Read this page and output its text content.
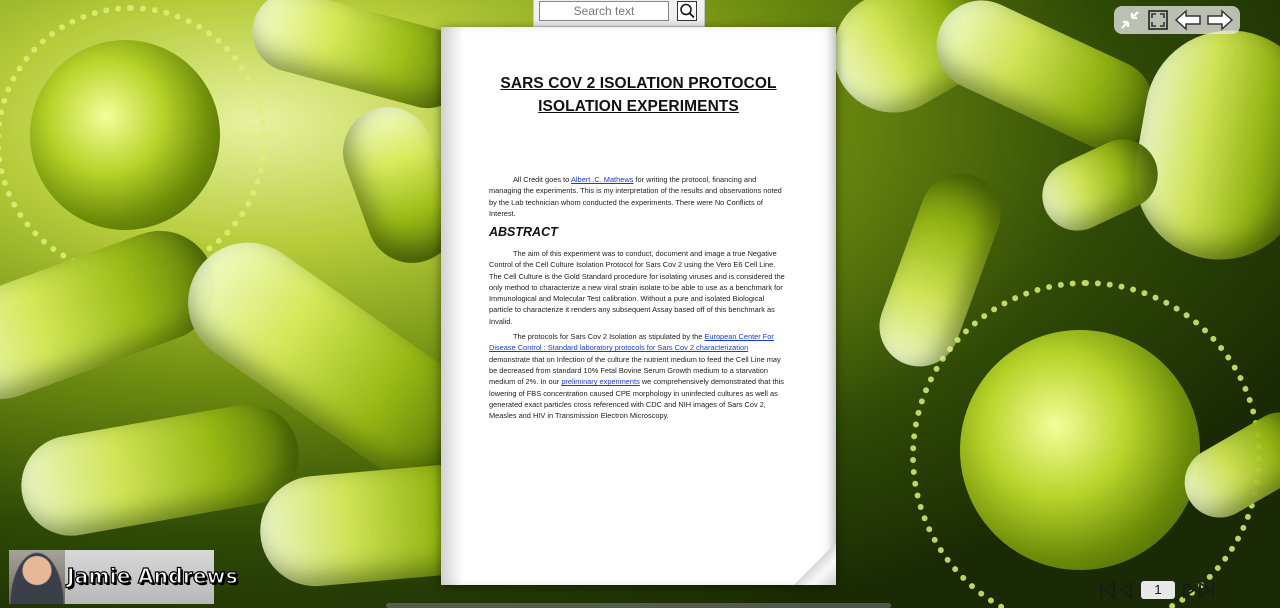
Search text
SARS COV 2 ISOLATION PROTOCOL
ISOLATION EXPERIMENTS

All Credit goes to Albert .C. Mathews for writing the protocol, financing and managing the experiments. This is my interpretation of the results and observations noted by the Lab technician whom conducted the experiments. There were No Conflicts of Interest.

ABSTRACT

The aim of this experiment was to conduct, document and image a true Negative Control of the Cell Culture Isolation Protocol for Sars Cov 2 using the Vero E6 Cell Line. The Cell Culture is the Gold Standard procedure for isolating viruses and is considered the only method to characterize a new viral strain isolate to be able to use as a benchmark for Immunological and Molecular Test calibration. Without a pure and isolated Biological particle to characterize it renders any subsequent Assay based off of this benchmark as Invalid.

The protocols for Sars Cov 2 Isolation as stipulated by the European Center For Disease Control : Standard laboratory protocols for Sars Cov 2 characterization demonstrate that on Infection of the culture the nutrient medium to feed the Cell Line may be decreased from standard 10% Fetal Bovine Serum Growth medium to a starvation medium of 2%. In our preliminary experiments we comprehensively demonstrated that this lowering of FBS concentration caused CPE morphology in uninfected cultures as well as generated exact particles cross referenced with CDC and NIH images of Sars Cov 2, Measles and HIV in Transmission Electron Microscopy.

Jamie Andrews
1
